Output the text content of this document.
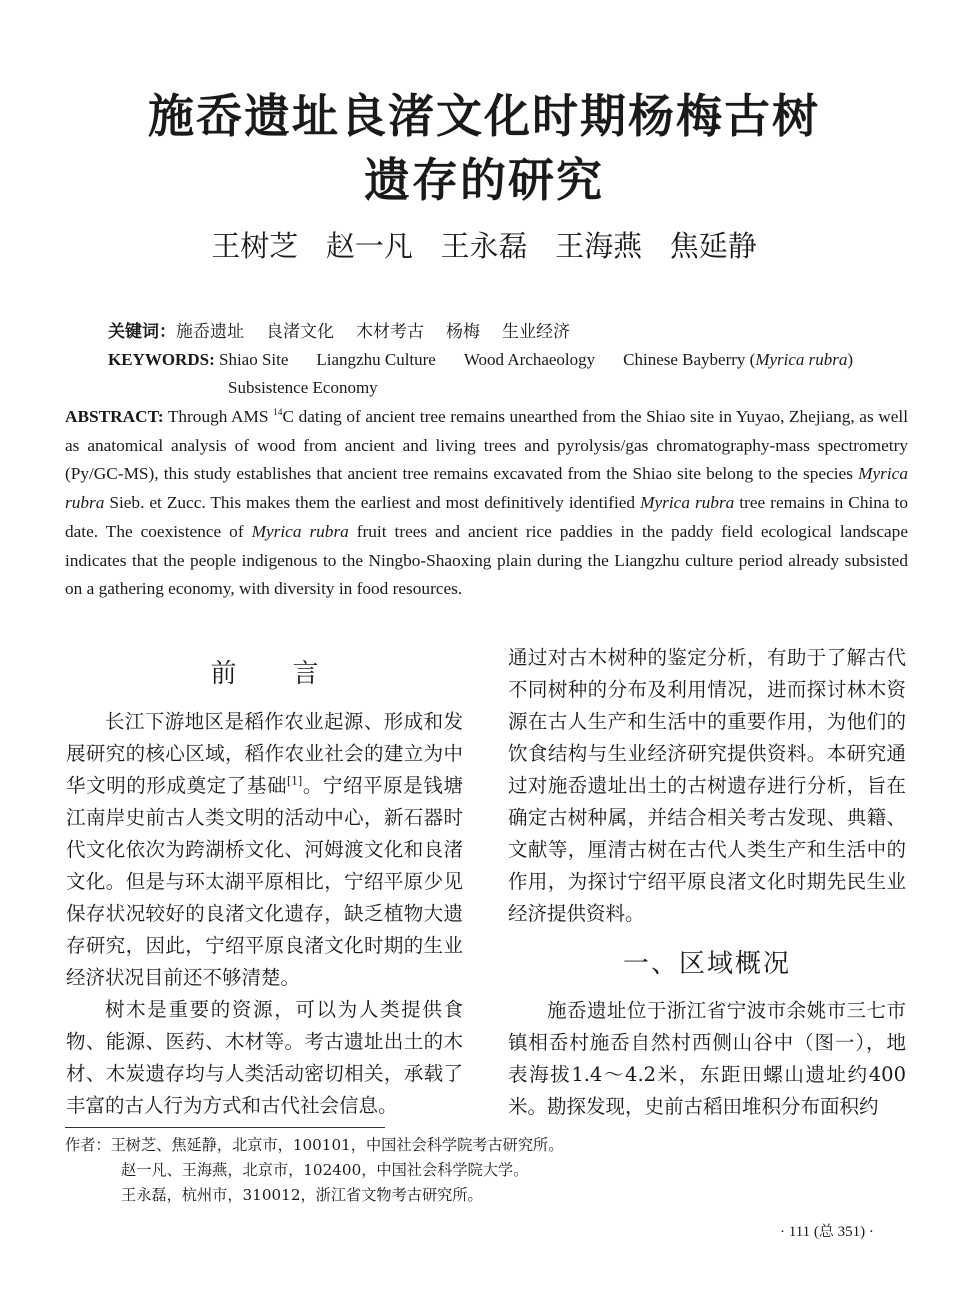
施岙遗址良渚文化时期杨梅古树
遗存的研究
王树芝   赵一凡   王永磊   王海燕   焦延静
关键词：施岙遗址 良渚文化 木材考古 杨梅 生业经济
KEYWORDS: Shiao Site Liangzhu Culture Wood Archaeology Chinese Bayberry (Myrica rubra)
Subsistence Economy
ABSTRACT: Through AMS $^{14}$C dating of ancient tree remains unearthed from the Shiao site in Yuyao, Zhejiang, as well as anatomical analysis of wood from ancient and living trees and pyrolysis/gas chromatography-mass spectrometry (Py/GC-MS), this study establishes that ancient tree remains excavated from the Shiao site belong to the species Myrica rubra Sieb. et Zucc. This makes them the earliest and most definitively identified Myrica rubra tree remains in China to date. The coexistence of Myrica rubra fruit trees and ancient rice paddies in the paddy field ecological landscape indicates that the people indigenous to the Ningbo-Shaoxing plain during the Liangzhu culture period already subsisted on a gathering economy, with diversity in food resources.
前言

长江下游地区是稻作农业起源、形成和发展研究的核心区域，稻作农业社会的建立为中华文明的形成奠定了基础[1]。宁绍平原是钱塘江南岸史前古人类文明的活动中心，新石器时代文化依次为跨湖桥文化、河姆渡文化和良渚文化。但是与环太湖平原相比，宁绍平原少见保存状况较好的良渚文化遗存，缺乏植物大遗存研究，因此，宁绍平原良渚文化时期的生业经济状况目前还不够清楚。

树木是重要的资源，可以为人类提供食物、能源、医药、木材等。考古遗址出土的木材、木炭遗存均与人类活动密切相关，承载了丰富的古人行为方式和古代社会信息。

通过对古木树种的鉴定分析，有助于了解古代不同树种的分布及利用情况，进而探讨林木资源在古人生产和生活中的重要作用，为他们的饮食结构与生业经济研究提供资料。本研究通过对施岙遗址出土的古树遗存进行分析，旨在确定古树种属，并结合相关考古发现、典籍、文献等，厘清古树在古代人类生产和生活中的作用，为探讨宁绍平原良渚文化时期先民生业经济提供资料。

一、区域概况

施岙遗址位于浙江省宁波市余姚市三七市镇相岙村施岙自然村西侧山谷中（图一），地表海拔1.4～4.2米，东距田螺山遗址约400米。勘探发现，史前古稻田堆积分布面积约

作者：王树芝、焦延静，北京市，100101，中国社会科学院考古研究所。
赵一凡、王海燕，北京市，102400，中国社会科学院大学。
王永磊，杭州市，310012，浙江省文物考古研究所。
· 111 (总 351) ·
